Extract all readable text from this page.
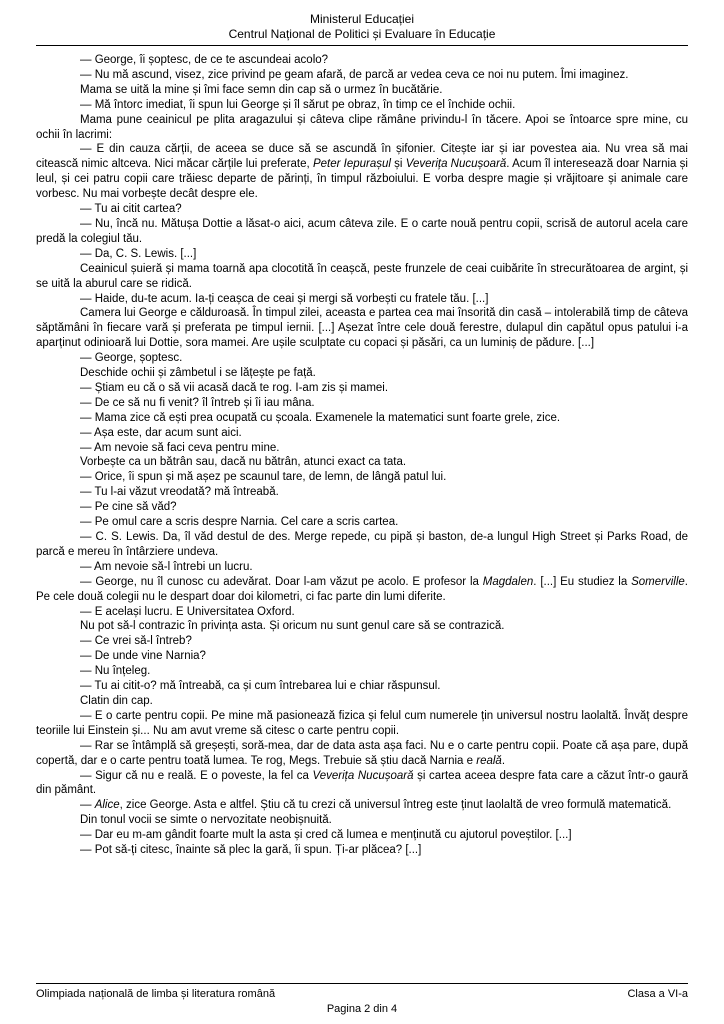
Ministerul Educației
Centrul Național de Politici și Evaluare în Educație

— George, îi șoptesc, de ce te ascundeai acolo?

— Nu mă ascund, visez, zice privind pe geam afară, de parcă ar vedea ceva ce noi nu putem. Îmi imaginez.

Mama se uită la mine și îmi face semn din cap să o urmez în bucătărie.

— Mă întorc imediat, îi spun lui George și îl sărut pe obraz, în timp ce el închide ochii.

Mama pune ceainicul pe plita aragazului și câteva clipe rămâne privindu-l în tăcere. Apoi se întoarce spre mine, cu ochii în lacrimi:

— E din cauza cărții, de aceea se duce să se ascundă în șifonier. Citește iar și iar povestea aia. Nu vrea să mai citească nimic altceva. Nici măcar cărțile lui preferate, Peter Iepurașul și Veverița Nucușoară. Acum îl interesează doar Narnia și leul, și cei patru copii care trăiesc departe de părinți, în timpul războiului. E vorba despre magie și vrăjitoare și animale care vorbesc. Nu mai vorbește decât despre ele.

— Tu ai citit cartea?

— Nu, încă nu. Mătușa Dottie a lăsat-o aici, acum câteva zile. E o carte nouă pentru copii, scrisă de autorul acela care predă la colegiul tău.

— Da, C. S. Lewis. [...]

Ceainicul șuieră și mama toarnă apa clocotită în ceașcă, peste frunzele de ceai cuibărite în strecurătoarea de argint, și se uită la aburul care se ridică.

— Haide, du-te acum. Ia-ți ceașca de ceai și mergi să vorbești cu fratele tău. [...]

Camera lui George e călduroasă. În timpul zilei, aceasta e partea cea mai însorită din casă – intolerabilă timp de câteva săptămâni în fiecare vară și preferata pe timpul iernii. [...] Așezat între cele două ferestre, dulapul din capătul opus patului i-a aparținut odinioară lui Dottie, sora mamei. Are ușile sculptate cu copaci și păsări, ca un luminiș de pădure. [...]

— George, șoptesc.

Deschide ochii și zâmbetul i se lățește pe față.

— Știam eu că o să vii acasă dacă te rog. I-am zis și mamei.

— De ce să nu fi venit? îl întreb și îi iau mâna.

— Mama zice că ești prea ocupată cu școala. Examenele la matematici sunt foarte grele, zice.

— Așa este, dar acum sunt aici.

— Am nevoie să faci ceva pentru mine.

Vorbește ca un bătrân sau, dacă nu bătrân, atunci exact ca tata.

— Orice, îi spun și mă așez pe scaunul tare, de lemn, de lângă patul lui.

— Tu l-ai văzut vreodată? mă întreabă.

— Pe cine să văd?

— Pe omul care a scris despre Narnia. Cel care a scris cartea.

— C. S. Lewis. Da, îl văd destul de des. Merge repede, cu pipă și baston, de-a lungul High Street și Parks Road, de parcă e mereu în întârziere undeva.

— Am nevoie să-l întrebi un lucru.

— George, nu îl cunosc cu adevărat. Doar l-am văzut pe acolo. E profesor la Magdalen. [...] Eu studiez la Somerville. Pe cele două colegii nu le despart doar doi kilometri, ci fac parte din lumi diferite.

— E același lucru. E Universitatea Oxford.

Nu pot să-l contrazic în privința asta. Și oricum nu sunt genul care să se contrazică.

— Ce vrei să-l întreb?

— De unde vine Narnia?

— Nu înțeleg.

— Tu ai citit-o? mă întreabă, ca și cum întrebarea lui e chiar răspunsul.

Clatin din cap.

— E o carte pentru copii. Pe mine mă pasionează fizica și felul cum numerele țin universul nostru laolaltă. Învăț despre teoriile lui Einstein și... Nu am avut vreme să citesc o carte pentru copii.

— Rar se întâmplă să greșești, soră-mea, dar de data asta așa faci. Nu e o carte pentru copii. Poate că așa pare, după copertă, dar e o carte pentru toată lumea. Te rog, Megs. Trebuie să știu dacă Narnia e reală.

— Sigur că nu e reală. E o poveste, la fel ca Veverița Nucușoară și cartea aceea despre fata care a căzut într-o gaură din pământ.

— Alice, zice George. Asta e altfel. Știu că tu crezi că universul întreg este ținut laolaltă de vreo formulă matematică.

Din tonul vocii se simte o nervozitate neobișnuită.

— Dar eu m-am gândit foarte mult la asta și cred că lumea e menținută cu ajutorul poveștilor. [...]

— Pot să-ți citesc, înainte să plec la gară, îi spun. Ți-ar plăcea? [...]

Olimpiada națională de limba și literatura română	Clasa a VI-a
Pagina 2 din 4
